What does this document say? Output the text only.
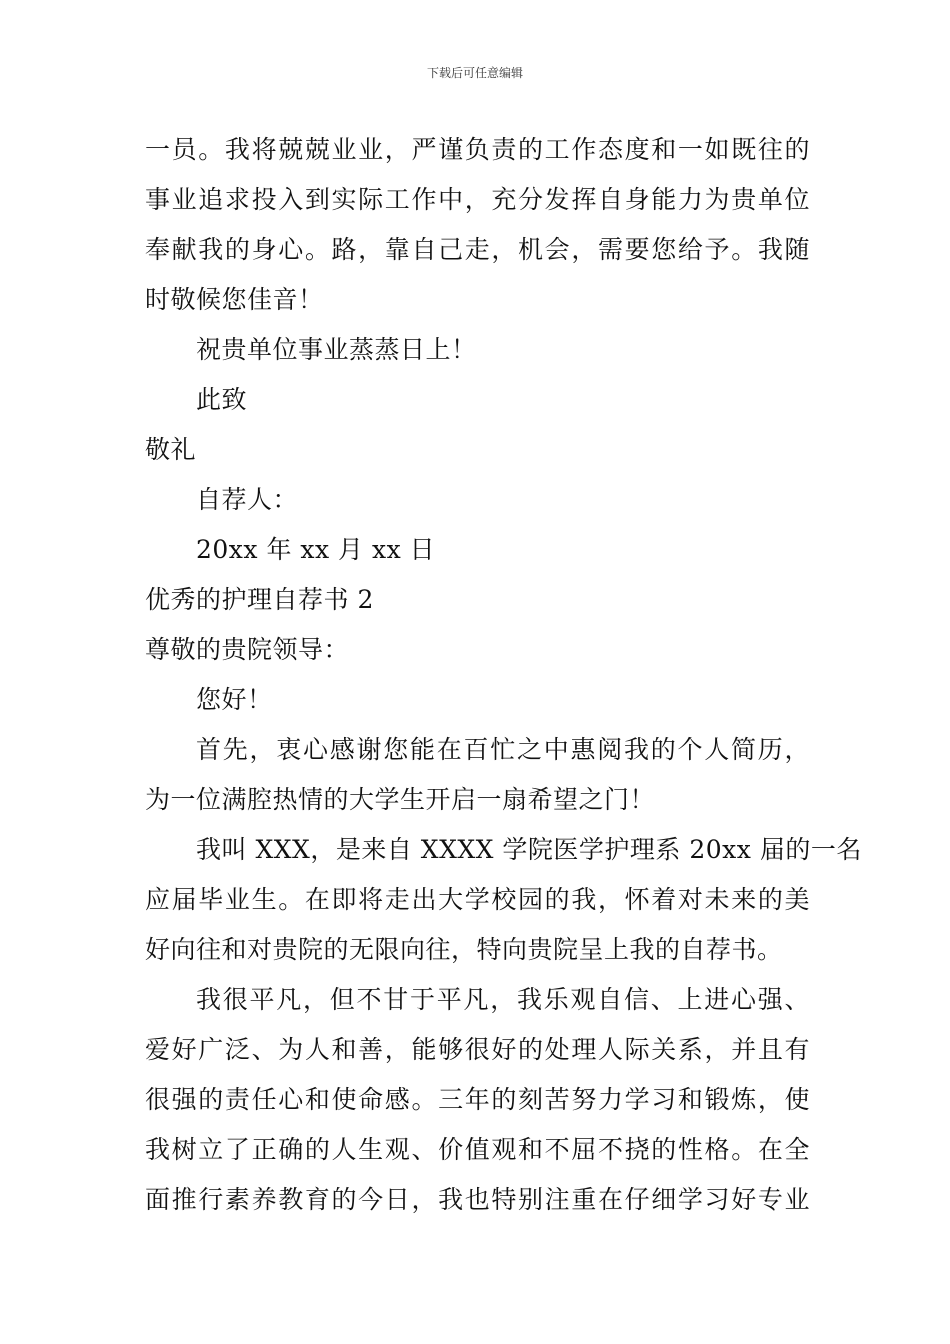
下载后可任意编辑
一员。我将兢兢业业，严谨负责的工作态度和一如既往的
事业追求投入到实际工作中，充分发挥自身能力为贵单位
奉献我的身心。路，靠自己走，机会，需要您给予。我随
时敬候您佳音！
祝贵单位事业蒸蒸日上！
此致
敬礼
自荐人：
20xx 年 xx 月 xx 日
优秀的护理自荐书 2
尊敬的贵院领导：
您好！
首先，衷心感谢您能在百忙之中惠阅我的个人简历，
为一位满腔热情的大学生开启一扇希望之门！
我叫 XXX，是来自 XXXX 学院医学护理系 20xx 届的一名
应届毕业生。在即将走出大学校园的我，怀着对未来的美
好向往和对贵院的无限向往，特向贵院呈上我的自荐书。
我很平凡，但不甘于平凡，我乐观自信、上进心强、
爱好广泛、为人和善，能够很好的处理人际关系，并且有
很强的责任心和使命感。三年的刻苦努力学习和锻炼，使
我树立了正确的人生观、价值观和不屈不挠的性格。在全
面推行素养教育的今日，我也特别注重在仔细学习好专业
